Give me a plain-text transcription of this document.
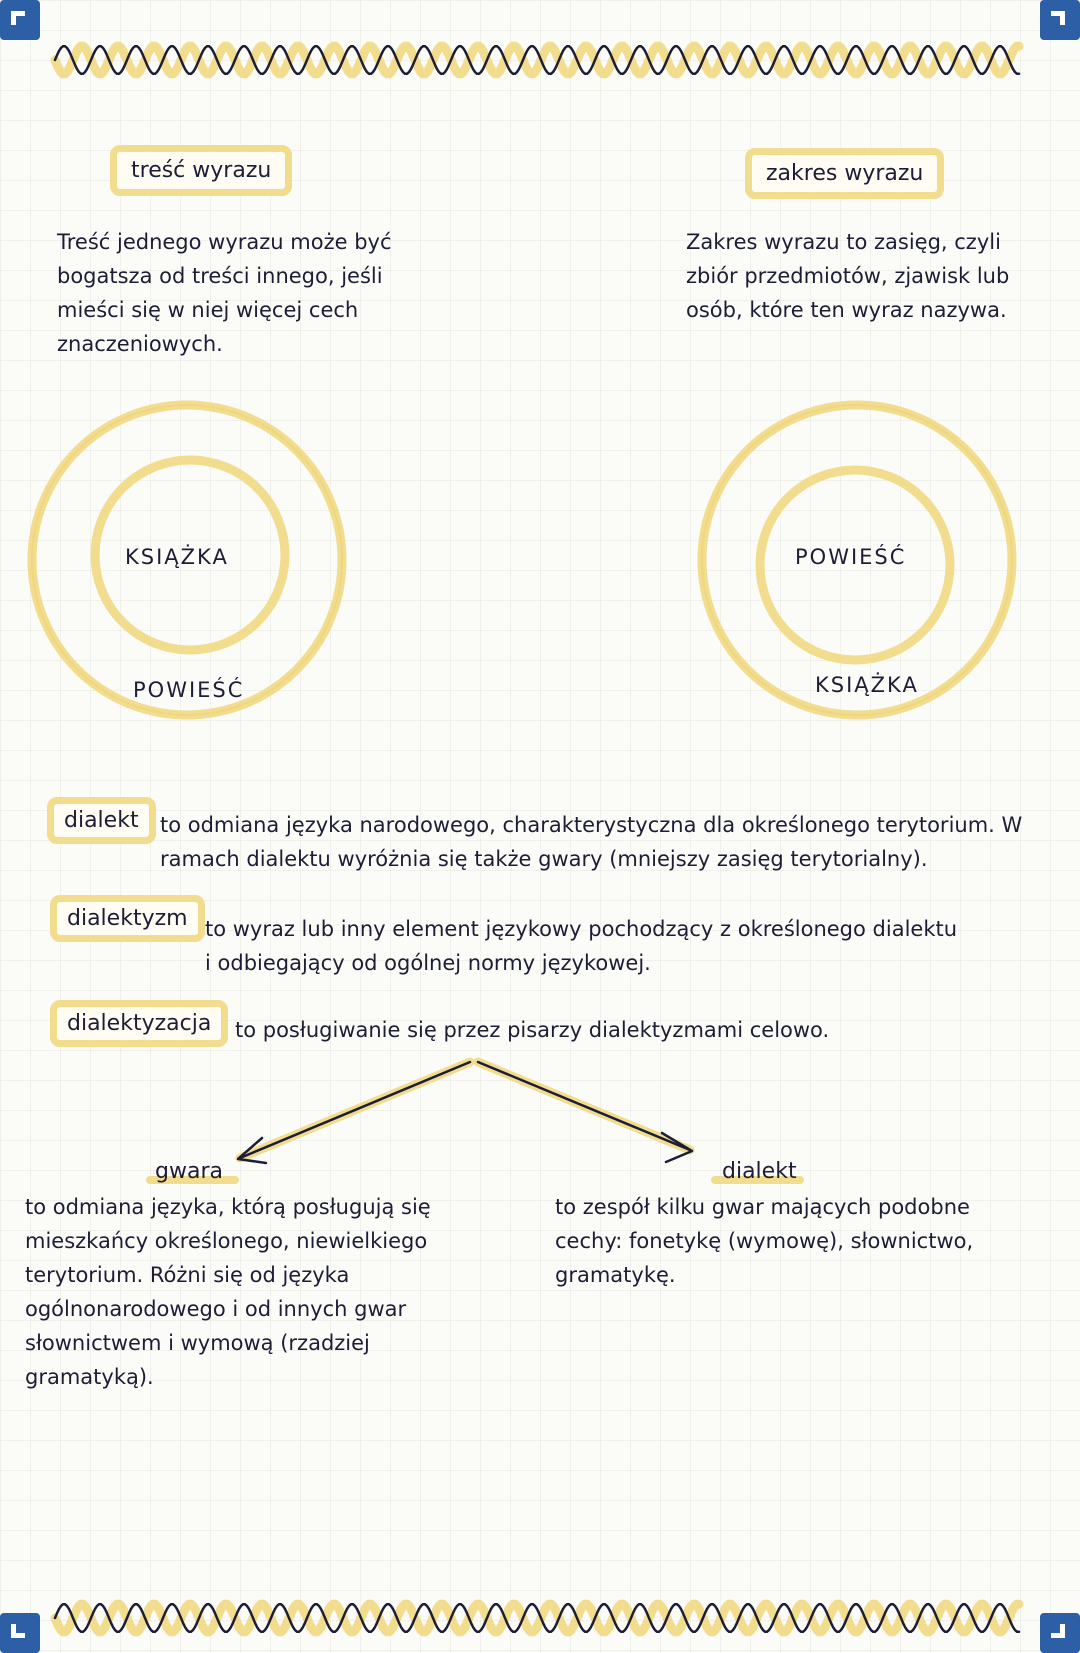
treść wyrazu
Treść jednego wyrazu może być bogatsza od treści innego, jeśli mieści się w niej więcej cech znaczeniowych.
zakres wyrazu
Zakres wyrazu to zasięg, czyli zbiór przedmiotów, zjawisk lub osób, które ten wyraz nazywa.
KSIĄŻKA
POWIEŚĆ
POWIEŚĆ
KSIĄŻKA
dialekt	to odmiana języka narodowego, charakterystyczna dla określonego terytorium. W ramach dialektu wyróżnia się także gwary (mniejszy zasięg terytorialny).
dialektyzm to wyraz lub inny element językowy pochodzący z określonego dialektu i odbiegający od ogólnej normy językowej.
dialektyzacja	to posługiwanie się przez pisarzy dialektyzmami celowo.
gwara
to odmiana języka, którą posługują się mieszkańcy określonego, niewielkiego terytorium. Różni się od języka ogólnonarodowego i od innych gwar słownictwem i wymową (rzadziej gramatyką).
dialekt
to zespół kilku gwar mających podobne cechy: fonetykę (wymowę), słownictwo, gramatykę.
